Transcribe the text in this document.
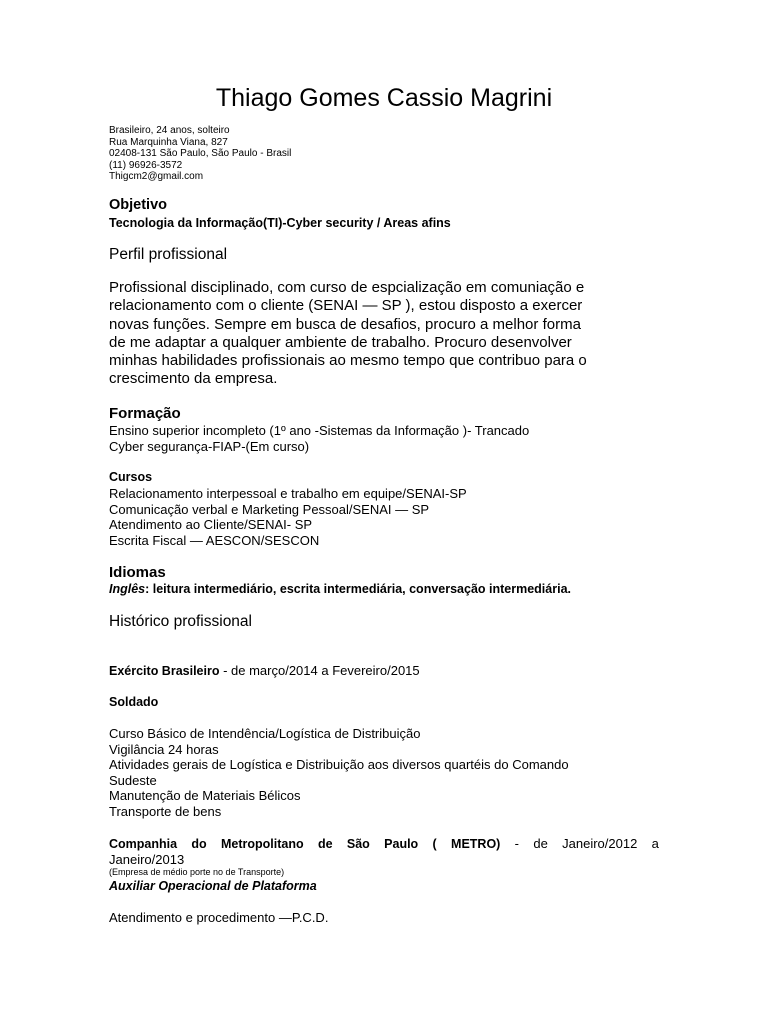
Thiago Gomes Cassio Magrini
Brasileiro, 24 anos, solteiro
Rua Marquinha Viana, 827
02408-131 São Paulo, São Paulo - Brasil
(11) 96926-3572
Thigcm2@gmail.com
Objetivo
Tecnologia da Informação(TI)-Cyber security / Areas afins
Perfil profissional
Profissional disciplinado, com curso de espcialização em comuniação e
relacionamento com o cliente (SENAI — SP ), estou disposto a exercer
novas funções. Sempre em busca de desafios, procuro a melhor forma
de me adaptar a qualquer ambiente de trabalho. Procuro desenvolver
minhas habilidades profissionais ao mesmo tempo que contribuo para o
crescimento da empresa.
Formação
Ensino superior incompleto (1º ano -Sistemas da Informação )- Trancado
Cyber segurança-FIAP-(Em curso)
Cursos
Relacionamento interpessoal e trabalho em equipe/SENAI-SP
Comunicação verbal e Marketing Pessoal/SENAI — SP
Atendimento ao Cliente/SENAI- SP
Escrita Fiscal — AESCON/SESCON
Idiomas
Inglês: leitura intermediário, escrita intermediária, conversação intermediária.
Histórico profissional
Exército Brasileiro - de março/2014 a Fevereiro/2015
Soldado
Curso Básico de Intendência/Logística de Distribuição
Vigilância 24 horas
Atividades gerais de Logística e Distribuição aos diversos quartéis do Comando
Sudeste
Manutenção de Materiais Bélicos
Transporte de bens
Companhia do Metropolitano de São Paulo ( METRO) - de Janeiro/2012 a
Janeiro/2013
(Empresa de médio porte no de Transporte)
Auxiliar Operacional de Plataforma
Atendimento e procedimento —P.C.D.
